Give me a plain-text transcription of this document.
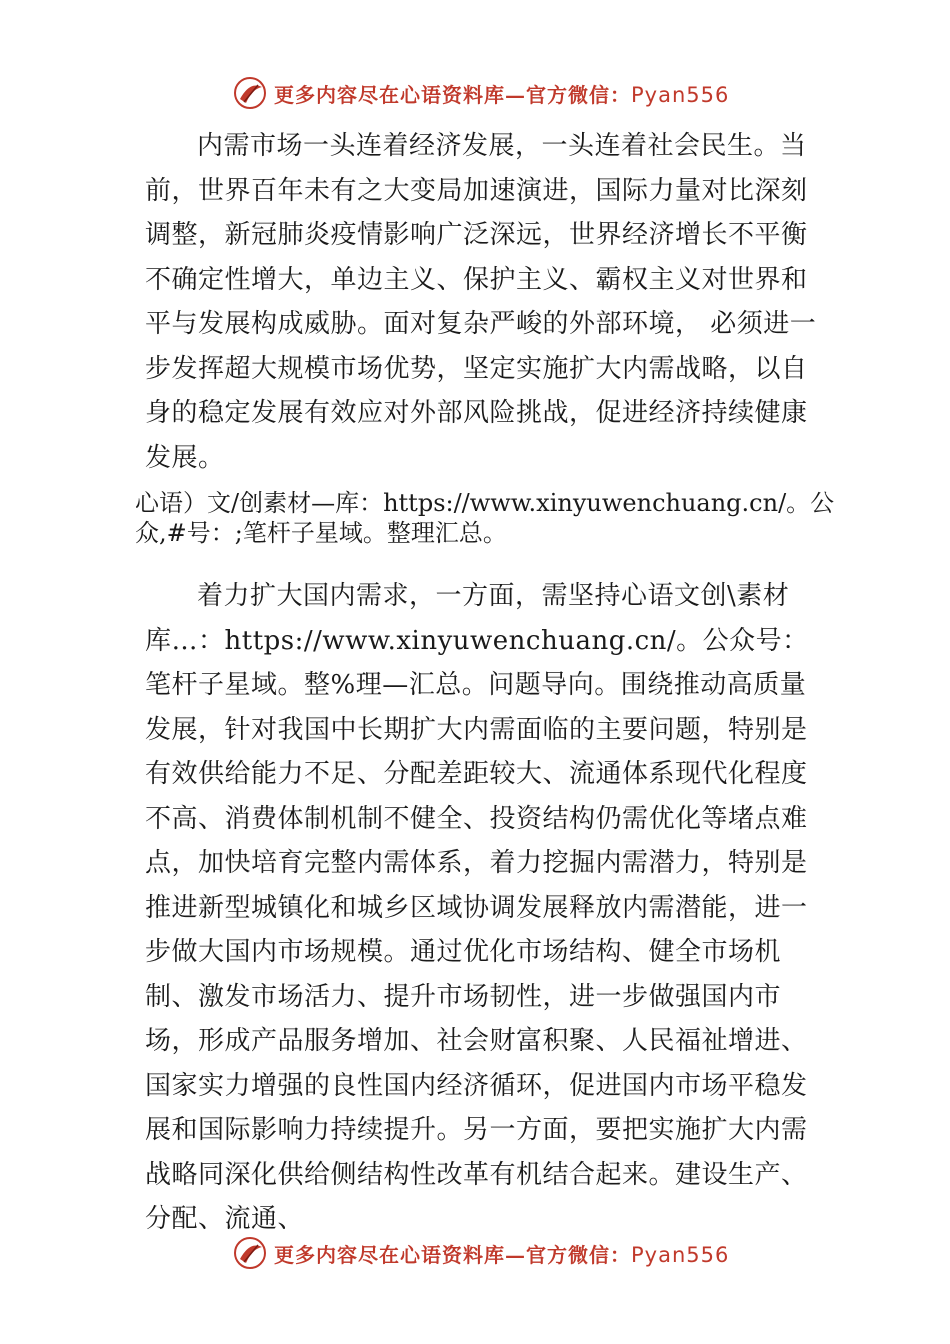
更多内容尽在心语资料库—官方微信：Pyan556

内需市场一头连着经济发展，一头连着社会民生。当前，世界百年未有之大变局加速演进，国际力量对比深刻调整，新冠肺炎疫情影响广泛深远，世界经济增长不平衡不确定性增大，单边主义、保护主义、霸权主义对世界和平与发展构成威胁。面对复杂严峻的外部环境， 必须进一步发挥超大规模市场优势，坚定实施扩大内需战略，以自身的稳定发展有效应对外部风险挑战，促进经济持续健康发展。

心语）文/创素材—库：https://www.xinyuwenchuang.cn/。公众,#号：;笔杆子星域。整理汇总。

着力扩大国内需求，一方面，需坚持心语文创\素材库…：https://www.xinyuwenchuang.cn/。公众号：笔杆子星域。整%理—汇总。问题导向。围绕推动高质量发展，针对我国中长期扩大内需面临的主要问题，特别是有效供给能力不足、分配差距较大、流通体系现代化程度不高、消费体制机制不健全、投资结构仍需优化等堵点难点，加快培育完整内需体系，着力挖掘内需潜力，特别是推进新型城镇化和城乡区域协调发展释放内需潜能，进一步做大国内市场规模。通过优化市场结构、健全市场机制、激发市场活力、提升市场韧性，进一步做强国内市场，形成产品服务增加、社会财富积聚、人民福祉增进、国家实力增强的良性国内经济循环，促进国内市场平稳发展和国际影响力持续提升。另一方面，要把实施扩大内需战略同深化供给侧结构性改革有机结合起来。建设生产、分配、流通、

更多内容尽在心语资料库—官方微信：Pyan556
